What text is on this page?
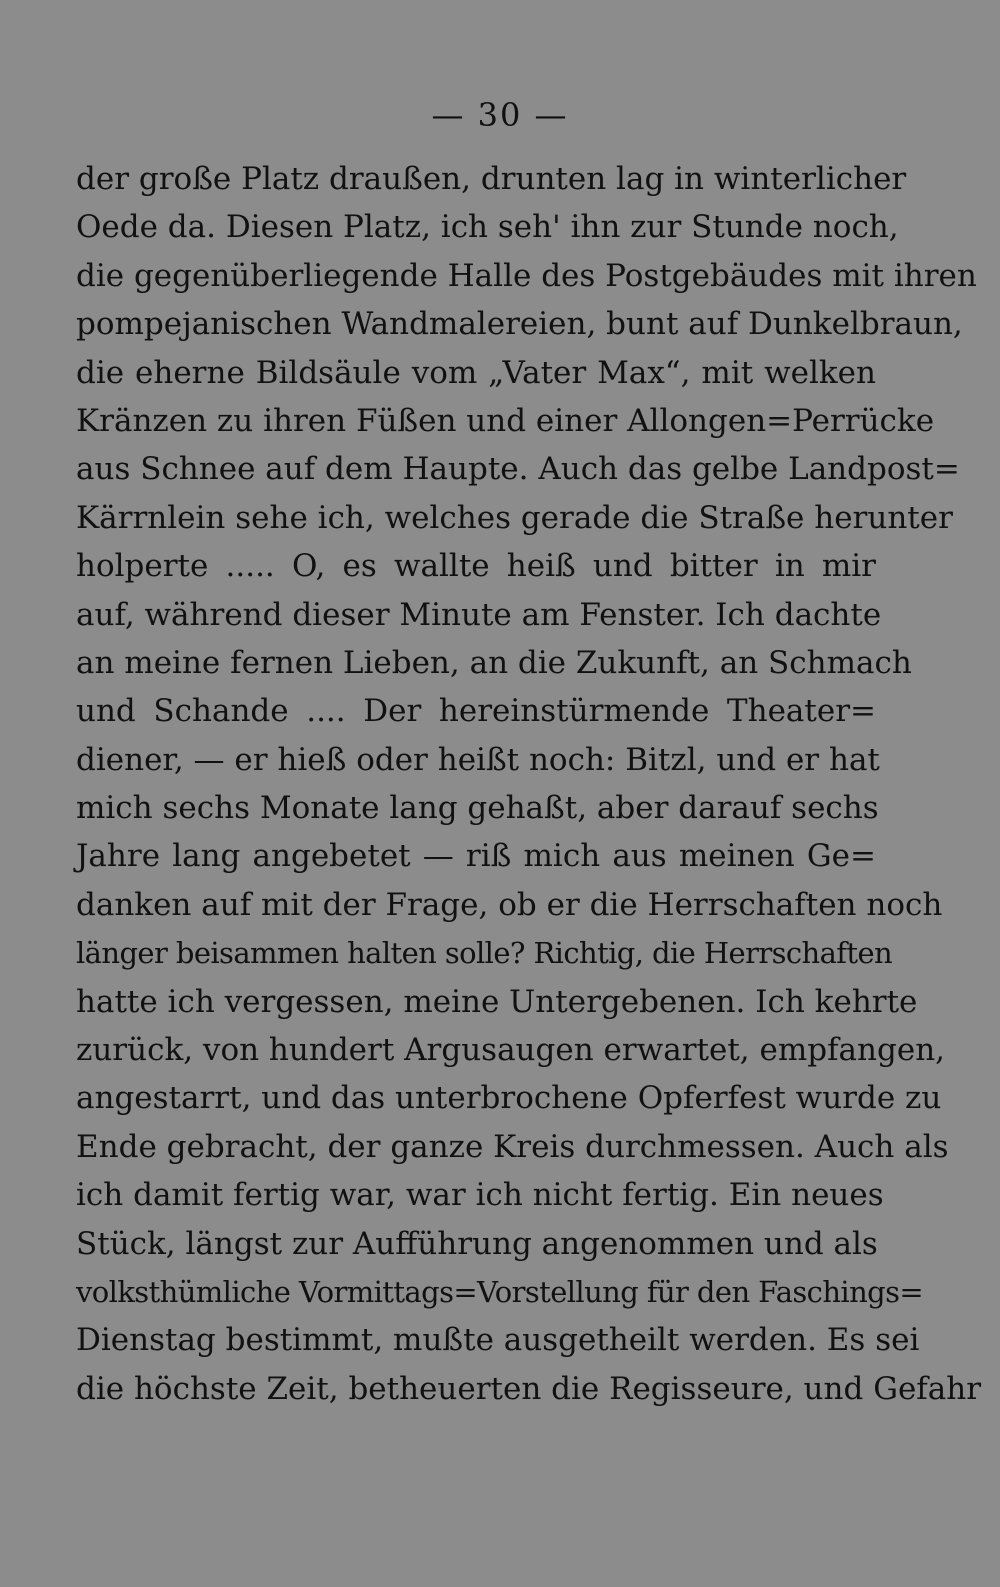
— 30 —
der große Platz draußen, drunten lag in winterlicher
Oede da. Diesen Platz, ich seh' ihn zur Stunde noch,
die gegenüberliegende Halle des Postgebäudes mit ihren
pompejanischen Wandmalereien, bunt auf Dunkelbraun,
die eherne Bildsäule vom „Vater Max“, mit welken
Kränzen zu ihren Füßen und einer Allongen=Perrücke
aus Schnee auf dem Haupte. Auch das gelbe Landpost=
Kärrnlein sehe ich, welches gerade die Straße herunter
holperte ..... O, es wallte heiß und bitter in mir
auf, während dieser Minute am Fenster. Ich dachte
an meine fernen Lieben, an die Zukunft, an Schmach
und Schande .... Der hereinstürmende Theater=
diener, — er hieß oder heißt noch: Bitzl, und er hat
mich sechs Monate lang gehaßt, aber darauf sechs
Jahre lang angebetet — riß mich aus meinen Ge=
danken auf mit der Frage, ob er die Herrschaften noch
länger beisammen halten solle? Richtig, die Herrschaften
hatte ich vergessen, meine Untergebenen. Ich kehrte
zurück, von hundert Argusaugen erwartet, empfangen,
angestarrt, und das unterbrochene Opferfest wurde zu
Ende gebracht, der ganze Kreis durchmessen. Auch als
ich damit fertig war, war ich nicht fertig. Ein neues
Stück, längst zur Aufführung angenommen und als
volksthümliche Vormittags=Vorstellung für den Faschings=
Dienstag bestimmt, mußte ausgetheilt werden. Es sei
die höchste Zeit, betheuerten die Regisseure, und Gefahr
